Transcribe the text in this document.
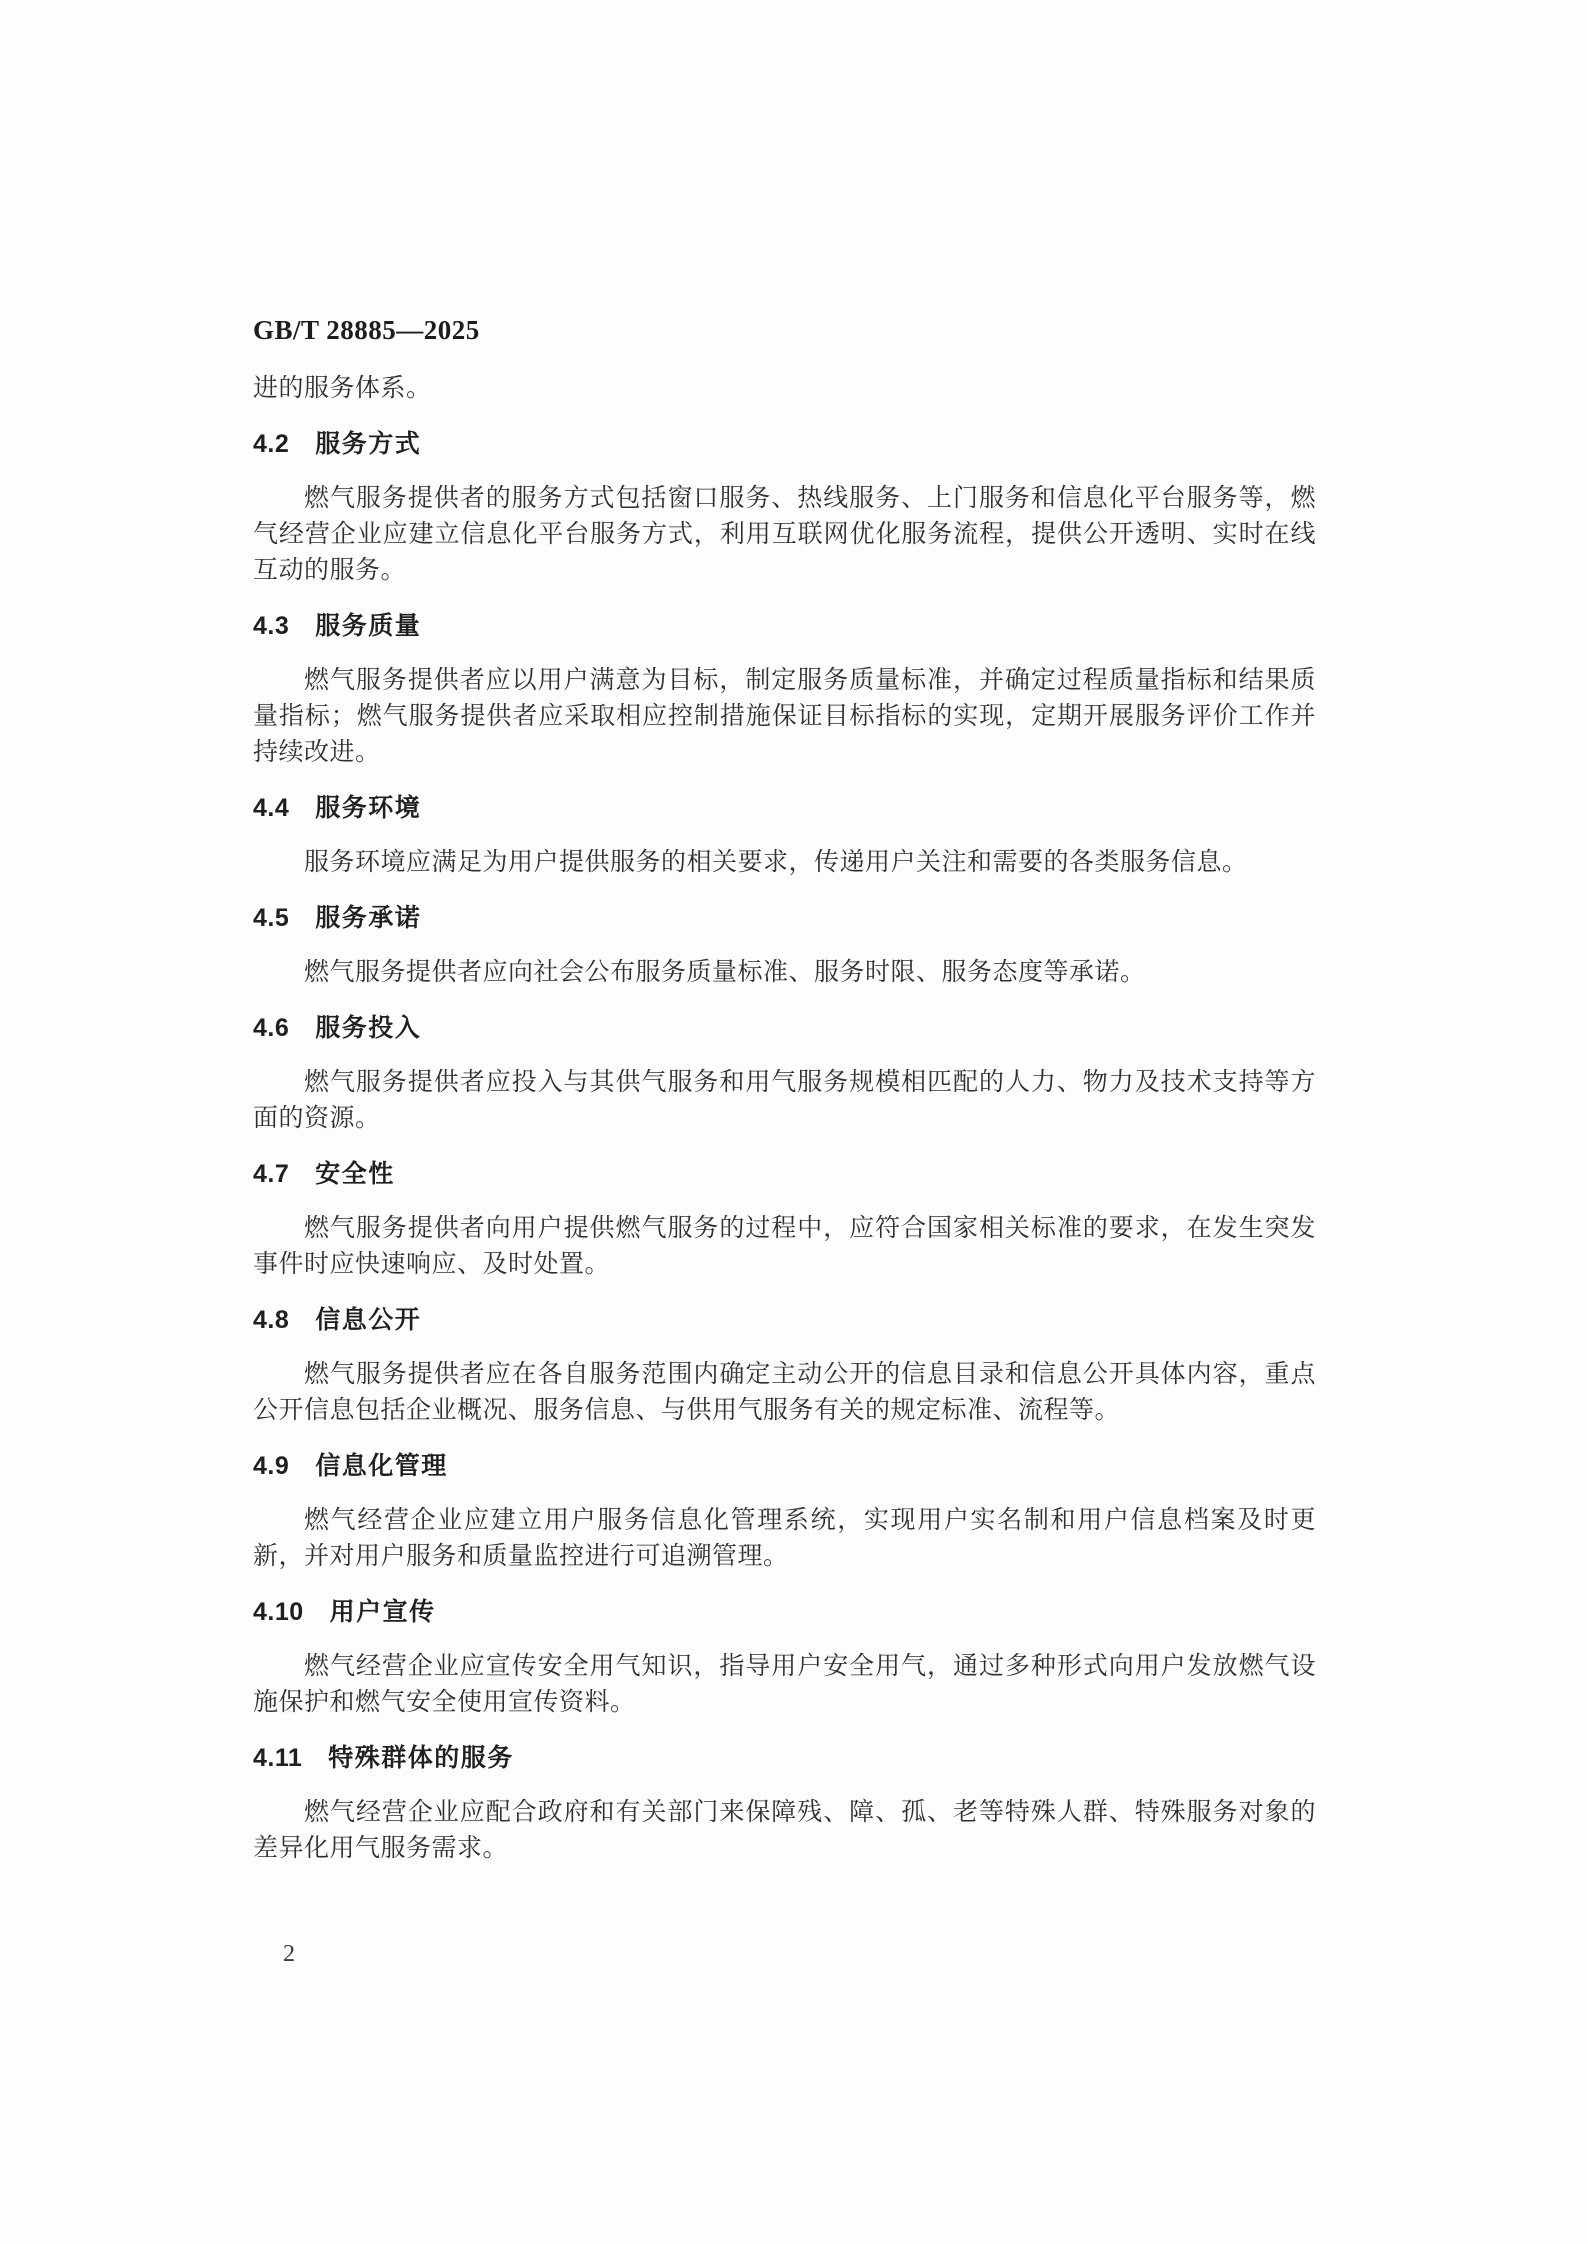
GB/T 28885—2025

进的服务体系。

4.2 服务方式

燃气服务提供者的服务方式包括窗口服务、热线服务、上门服务和信息化平台服务等，燃气经营企业应建立信息化平台服务方式，利用互联网优化服务流程，提供公开透明、实时在线互动的服务。

4.3 服务质量

燃气服务提供者应以用户满意为目标，制定服务质量标准，并确定过程质量指标和结果质量指标；燃气服务提供者应采取相应控制措施保证目标指标的实现，定期开展服务评价工作并持续改进。

4.4 服务环境

服务环境应满足为用户提供服务的相关要求，传递用户关注和需要的各类服务信息。

4.5 服务承诺

燃气服务提供者应向社会公布服务质量标准、服务时限、服务态度等承诺。

4.6 服务投入

燃气服务提供者应投入与其供气服务和用气服务规模相匹配的人力、物力及技术支持等方面的资源。

4.7 安全性

燃气服务提供者向用户提供燃气服务的过程中，应符合国家相关标准的要求，在发生突发事件时应快速响应、及时处置。

4.8 信息公开

燃气服务提供者应在各自服务范围内确定主动公开的信息目录和信息公开具体内容，重点公开信息包括企业概况、服务信息、与供用气服务有关的规定标准、流程等。

4.9 信息化管理

燃气经营企业应建立用户服务信息化管理系统，实现用户实名制和用户信息档案及时更新，并对用户服务和质量监控进行可追溯管理。

4.10 用户宣传

燃气经营企业应宣传安全用气知识，指导用户安全用气，通过多种形式向用户发放燃气设施保护和燃气安全使用宣传资料。

4.11 特殊群体的服务

燃气经营企业应配合政府和有关部门来保障残、障、孤、老等特殊人群、特殊服务对象的差异化用气服务需求。

2
